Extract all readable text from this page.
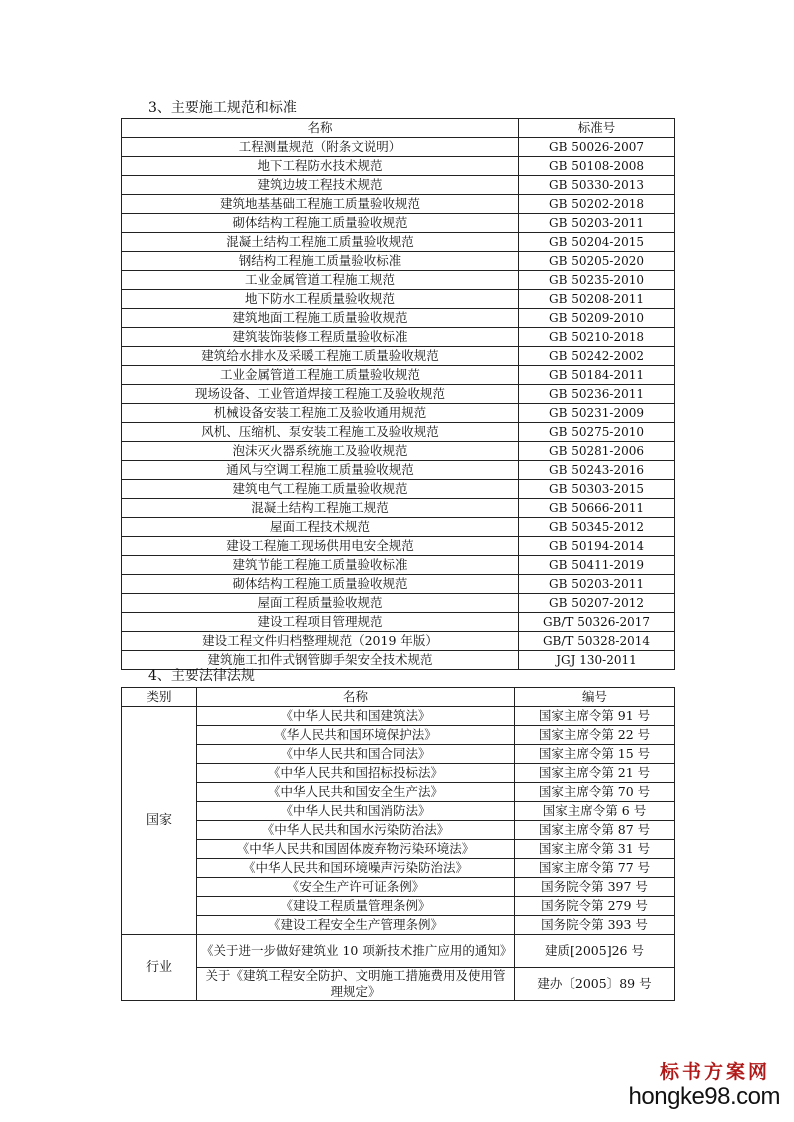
3、主要施工规范和标准
名称	标准号
工程测量规范（附条文说明）	GB 50026-2007
地下工程防水技术规范	GB 50108-2008
建筑边坡工程技术规范	GB 50330-2013
建筑地基基础工程施工质量验收规范	GB 50202-2018
砌体结构工程施工质量验收规范	GB 50203-2011
混凝土结构工程施工质量验收规范	GB 50204-2015
钢结构工程施工质量验收标准	GB 50205-2020
工业金属管道工程施工规范	GB 50235-2010
地下防水工程质量验收规范	GB 50208-2011
建筑地面工程施工质量验收规范	GB 50209-2010
建筑装饰装修工程质量验收标准	GB 50210-2018
建筑给水排水及采暖工程施工质量验收规范	GB 50242-2002
工业金属管道工程施工质量验收规范	GB 50184-2011
现场设备、工业管道焊接工程施工及验收规范	GB 50236-2011
机械设备安装工程施工及验收通用规范	GB 50231-2009
风机、压缩机、泵安装工程施工及验收规范	GB 50275-2010
泡沫灭火器系统施工及验收规范	GB 50281-2006
通风与空调工程施工质量验收规范	GB 50243-2016
建筑电气工程施工质量验收规范	GB 50303-2015
混凝土结构工程施工规范	GB 50666-2011
屋面工程技术规范	GB 50345-2012
建设工程施工现场供用电安全规范	GB 50194-2014
建筑节能工程施工质量验收标准	GB 50411-2019
砌体结构工程施工质量验收规范	GB 50203-2011
屋面工程质量验收规范	GB 50207-2012
建设工程项目管理规范	GB/T 50326-2017
建设工程文件归档整理规范（2019 年版）	GB/T 50328-2014
建筑施工扣件式钢管脚手架安全技术规范	JGJ 130-2011
4、主要法律法规
类别	名称	编号
国家	《中华人民共和国建筑法》	国家主席令第 91 号
	《华人民共和国环境保护法》	国家主席令第 22 号
	《中华人民共和国合同法》	国家主席令第 15 号
	《中华人民共和国招标投标法》	国家主席令第 21 号
	《中华人民共和国安全生产法》	国家主席令第 70 号
	《中华人民共和国消防法》	国家主席令第 6 号
	《中华人民共和国水污染防治法》	国家主席令第 87 号
	《中华人民共和国固体废弃物污染环境法》	国家主席令第 31 号
	《中华人民共和国环境噪声污染防治法》	国家主席令第 77 号
	《安全生产许可证条例》	国务院令第 397 号
	《建设工程质量管理条例》	国务院令第 279 号
	《建设工程安全生产管理条例》	国务院令第 393 号
行业	《关于进一步做好建筑业 10 项新技术推广应用的通知》	建质[2005]26 号
	关于《建筑工程安全防护、文明施工措施费用及使用管理规定》	建办〔2005〕89 号
标书方案网
hongke98.com
